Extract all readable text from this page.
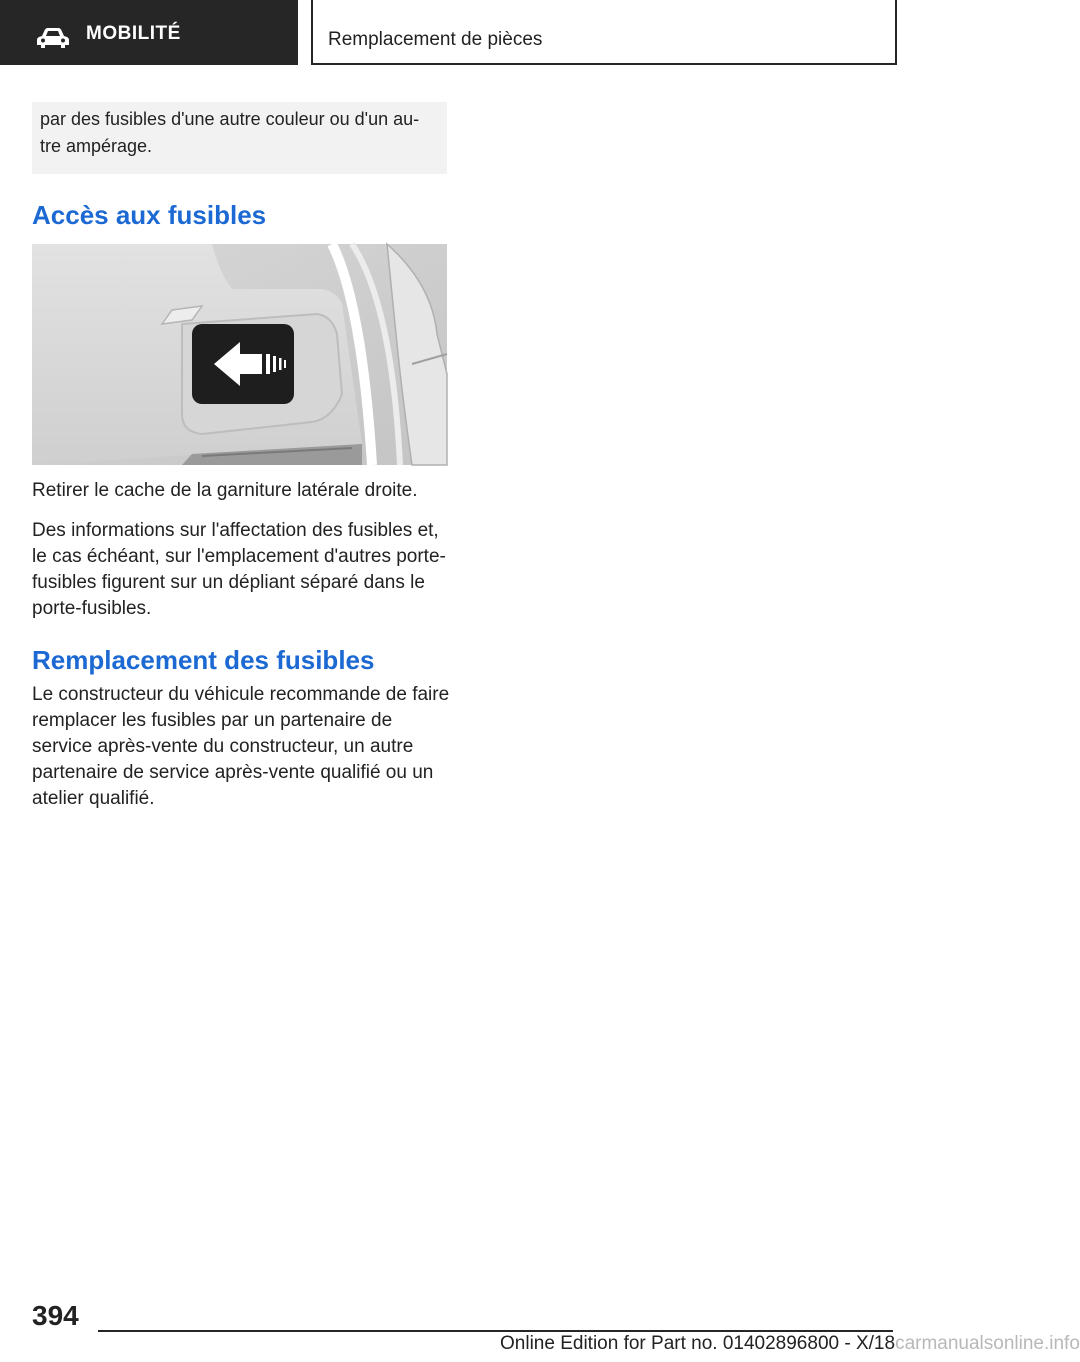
MOBILITÉ	Remplacement de pièces
par des fusibles d'une autre couleur ou d'un au‐
tre ampérage.
Accès aux fusibles

Retirer le cache de la garniture latérale droite.

Des informations sur l'affectation des fusibles et, le cas échéant, sur l'emplacement d'autres porte-fusibles figurent sur un dépliant séparé dans le porte-fusibles.

Remplacement des fusibles

Le constructeur du véhicule recommande de faire remplacer les fusibles par un partenaire de service après-vente du constructeur, un autre partenaire de service après-vente qualifié ou un atelier qualifié.

394
Online Edition for Part no. 01402896800 - X/18carmanualsonline.info
